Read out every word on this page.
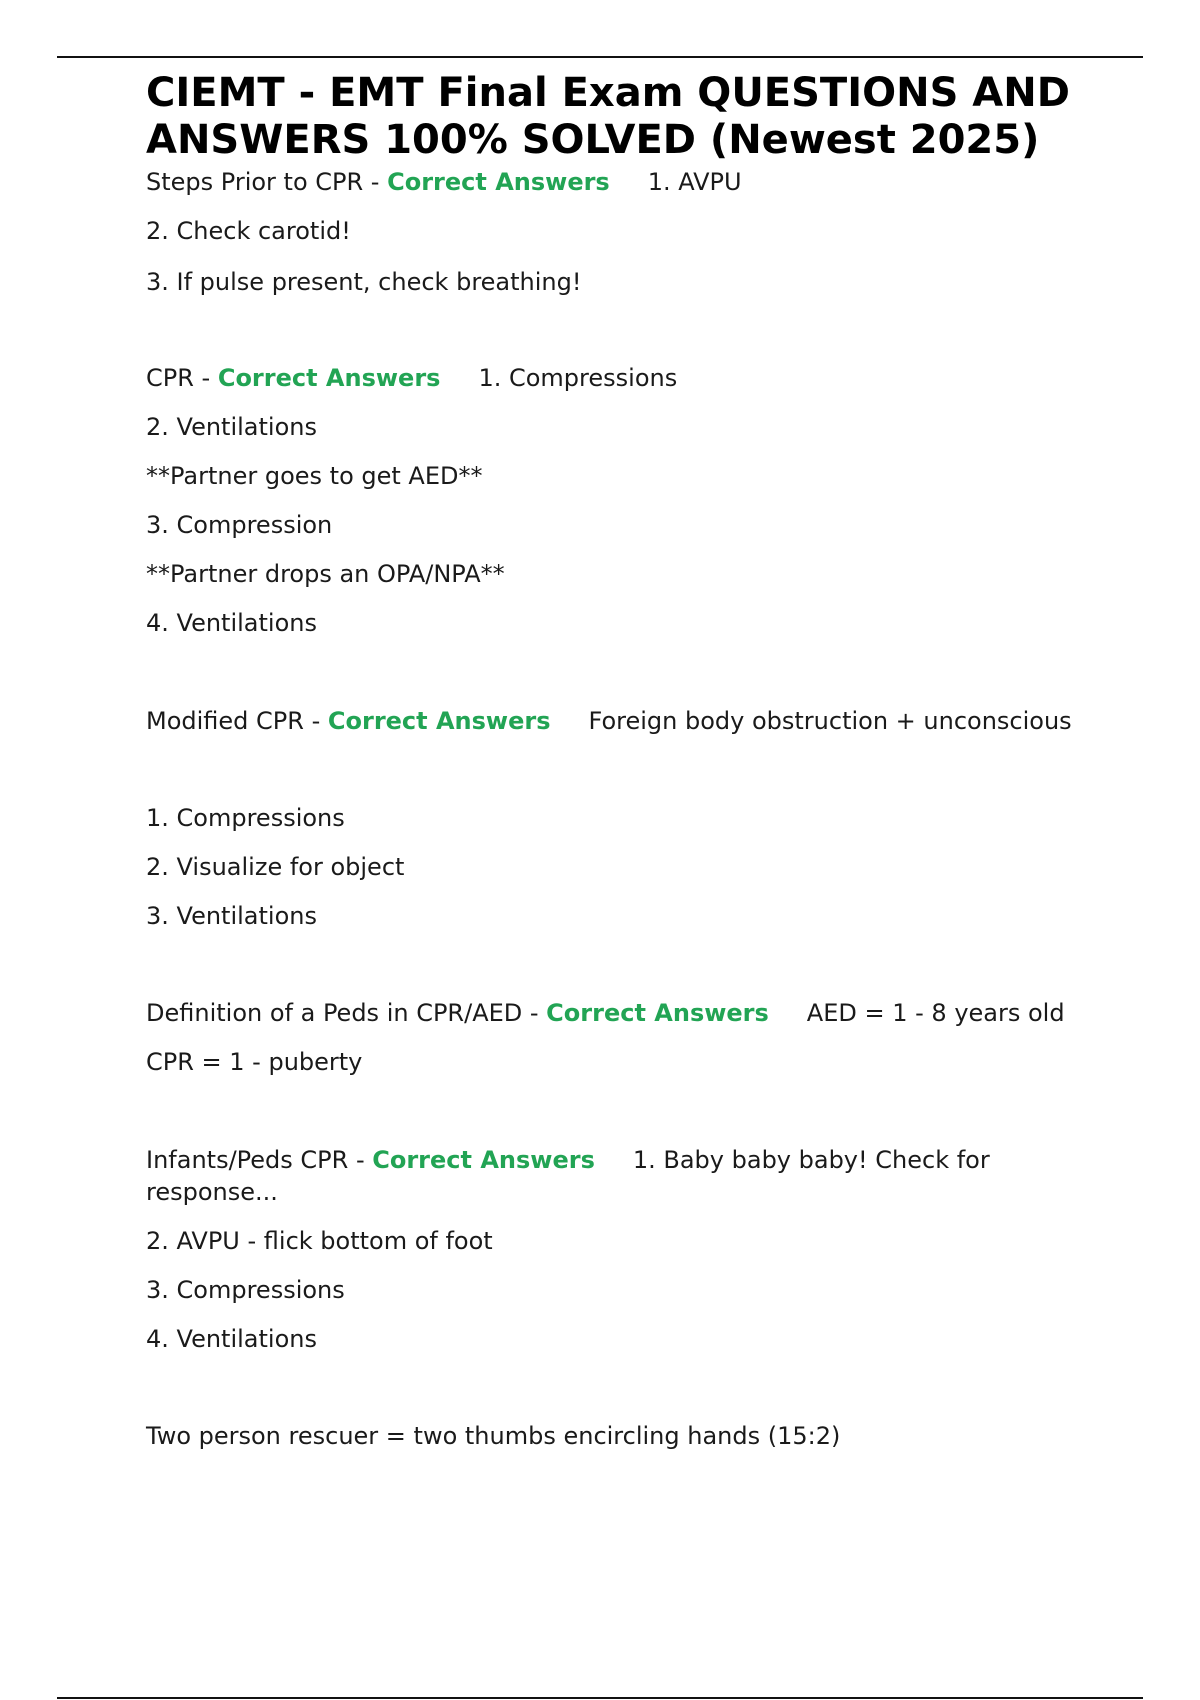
CIEMT - EMT Final Exam QUESTIONS AND ANSWERS 100% SOLVED (Newest 2025)

Steps Prior to CPR - Correct Answers 1. AVPU

2. Check carotid!

3. If pulse present, check breathing!

CPR - Correct Answers 1. Compressions

2. Ventilations

**Partner goes to get AED**

3. Compression

**Partner drops an OPA/NPA**

4. Ventilations

Modified CPR - Correct Answers Foreign body obstruction + unconscious

1. Compressions

2. Visualize for object

3. Ventilations

Definition of a Peds in CPR/AED - Correct Answers AED = 1 - 8 years old

CPR = 1 - puberty

Infants/Peds CPR - Correct Answers 1. Baby baby baby! Check for response...

2. AVPU - flick bottom of foot

3. Compressions

4. Ventilations

Two person rescuer = two thumbs encircling hands (15:2)
